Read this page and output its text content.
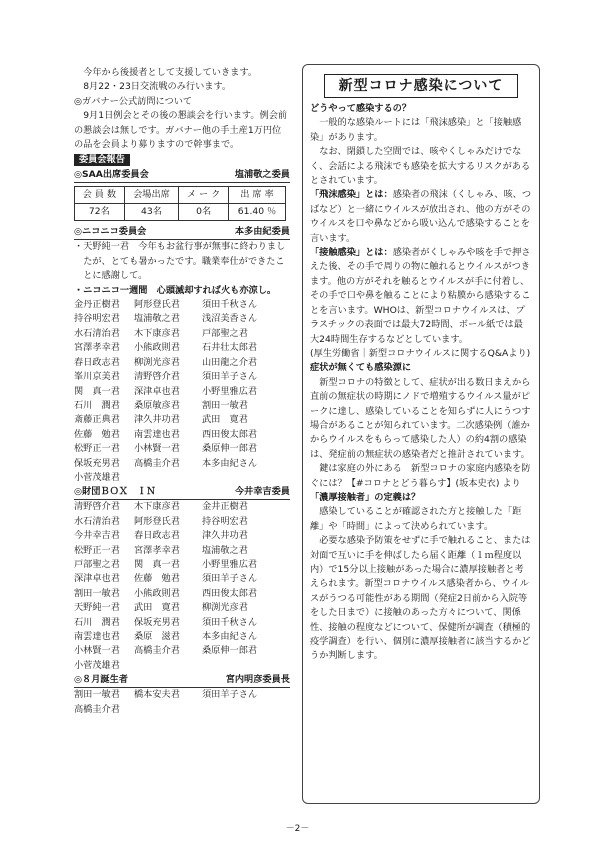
今年から後援者として支援していきます。

8月22・23日交流戦のみ行います。

◎ガバナー公式訪問について

9月1日例会とその後の懇談会を行います。例会前の懇談会は無しです。ガバナー他の手土産1万円位の品を会員より募りますので幹事まで。

委員会報告
◎SAA出席委員会	塩浦敬之委員
会 員 数	会場出席	メ ー ク	出 席 率
72名	43名	0名	61.40 ％
◎ニコニコ委員会	本多由紀委員

・天野純一君　今年もお盆行事が無事に終わりましたが、とても暑かったです。職業奉仕ができたことに感謝して。

・ニコニコ一週間　心頭滅却すれば火も亦涼し。

金丹正樹君	阿形登氏君	須田千秋さん
持谷明宏君	塩浦敬之君	浅沼美香さん
水石清治君	木下康彦君	戸部聖之君
宮澤孝幸君	小熊政則君	石井壮太郎君
春日政志君	柳渕光彦君	山田龍之介君
峯川京美君	清野啓介君	須田羊子さん
関　真一君	深津卓也君	小野里雅広君
石川　潤君	桑原敏彦君	割田一敏君
斎藤正典君	津久井功君	武田　寛君
佐藤　勉君	南雲達也君	西田俊太郎君
松野正一君	小林賢一君	桑原伸一郎君
保坂充男君	高橋圭介君	本多由紀さん
小菅茂雄君
◎財団ＢＯＸ　ＩＮ	今井幸吉委員
清野啓介君	木下康彦君	金井正樹君
水石清治君	阿形登氏君	持谷明宏君
今井幸吉君	春日政志君	津久井功君
松野正一君	宮澤孝幸君	塩浦敬之君
戸部聖之君	関　真一君	小野里雅広君
深津卓也君	佐藤　勉君	須田羊子さん
割田一敏君	小熊政則君	西田俊太郎君
天野純一君	武田　寛君	柳渕光彦君
石川　潤君	保坂充男君	須田千秋さん
南雲達也君	桑原　滋君	本多由紀さん
小林賢一君	高橋圭介君	桑原伸一郎君
小菅茂雄君
◎８月誕生者	宮内明彦委員長
割田一敏君	橋本安夫君	須田羊子さん
高橋圭介君
新型コロナ感染について

どうやって感染するの？

一般的な感染ルートには「飛沫感染」と「接触感染」があります。

なお、閉鎖した空間では、咳やくしゃみだけでなく、会話による飛沫でも感染を拡大するリスクがあるとされています。

「飛沫感染」とは：感染者の飛沫（くしゃみ、咳、つばなど）と一緒にウイルスが放出され、他の方がそのウイルスを口や鼻などから吸い込んで感染することを言います。

「接触感染」とは：感染者がくしゃみや咳を手で押さえた後、その手で周りの物に触れるとウイルスがつきます。他の方がそれを触るとウイルスが手に付着し、その手で口や鼻を触ることにより粘膜から感染することを言います。WHOは、新型コロナウイルスは、プラスチックの表面では最大72時間、ボール紙では最大24時間生存するなどとしています。

(厚生労働省｜新型コロナウイルスに関するQ&Aより)

症状が無くても感染源に

新型コロナの特徴として、症状が出る数日まえから直前の無症状の時期にノドで増殖するウイルス量がピークに達し、感染していることを知らずに人にうつす場合があることが知られています。二次感染例（誰かからウイルスをもらって感染した人）の約4割の感染は、発症前の無症状の感染者だと推計されています。

鍵は家庭の外にある　新型コロナの家庭内感染を防ぐには？【#コロナとどう暮らす】(坂本史衣) より

「濃厚接触者」の定義は？

感染していることが確認された方と接触した「距離」や「時間」によって決められています。

必要な感染予防策をせずに手で触れること、または対面で互いに手を伸ばしたら届く距離（１ｍ程度以内）で15分以上接触があった場合に濃厚接触者と考えられます。新型コロナウイルス感染者から、ウイルスがうつる可能性がある期間（発症2日前から入院等をした日まで）に接触のあった方々について、関係性、接触の程度などについて、保健所が調査（積極的疫学調査）を行い、個別に濃厚接触者に該当するかどうか判断します。

－2－
